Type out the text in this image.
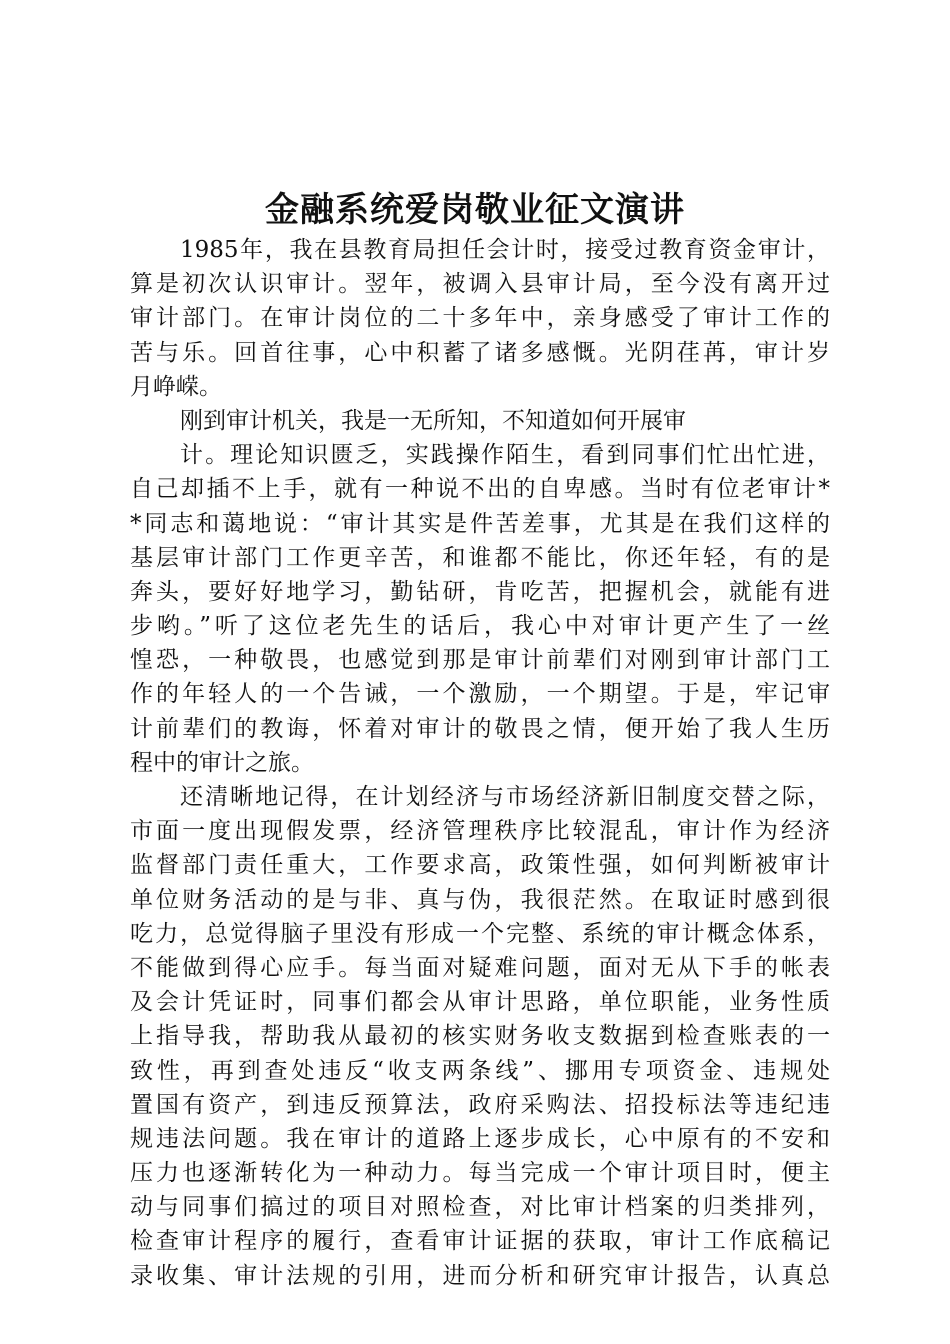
金融系统爱岗敬业征文演讲
1985年，我在县教育局担任会计时，接受过教育资金审计，
算是初次认识审计。翌年，被调入县审计局，至今没有离开过
审计部门。在审计岗位的二十多年中，亲身感受了审计工作的
苦与乐。回首往事，心中积蓄了诸多感慨。光阴荏苒，审计岁
月峥嵘。
刚到审计机关，我是一无所知，不知道如何开展审
计。理论知识匮乏，实践操作陌生，看到同事们忙出忙进，
自己却插不上手，就有一种说不出的自卑感。当时有位老审计*
*同志和蔼地说：“审计其实是件苦差事，尤其是在我们这样的
基层审计部门工作更辛苦，和谁都不能比，你还年轻，有的是
奔头，要好好地学习，勤钻研，肯吃苦，把握机会，就能有进
步哟。”听了这位老先生的话后，我心中对审计更产生了一丝
惶恐，一种敬畏，也感觉到那是审计前辈们对刚到审计部门工
作的年轻人的一个告诫，一个激励，一个期望。于是，牢记审
计前辈们的教诲，怀着对审计的敬畏之情，便开始了我人生历
程中的审计之旅。
还清晰地记得，在计划经济与市场经济新旧制度交替之际，
市面一度出现假发票，经济管理秩序比较混乱，审计作为经济
监督部门责任重大，工作要求高，政策性强，如何判断被审计
单位财务活动的是与非、真与伪，我很茫然。在取证时感到很
吃力，总觉得脑子里没有形成一个完整、系统的审计概念体系，
不能做到得心应手。每当面对疑难问题，面对无从下手的帐表
及会计凭证时，同事们都会从审计思路，单位职能，业务性质
上指导我，帮助我从最初的核实财务收支数据到检查账表的一
致性，再到查处违反“收支两条线”、挪用专项资金、违规处
置国有资产，到违反预算法，政府采购法、招投标法等违纪违
规违法问题。我在审计的道路上逐步成长，心中原有的不安和
压力也逐渐转化为一种动力。每当完成一个审计项目时，便主
动与同事们搞过的项目对照检查，对比审计档案的归类排列，
检查审计程序的履行，查看审计证据的获取，审计工作底稿记
录收集、审计法规的引用，进而分析和研究审计报告，认真总
